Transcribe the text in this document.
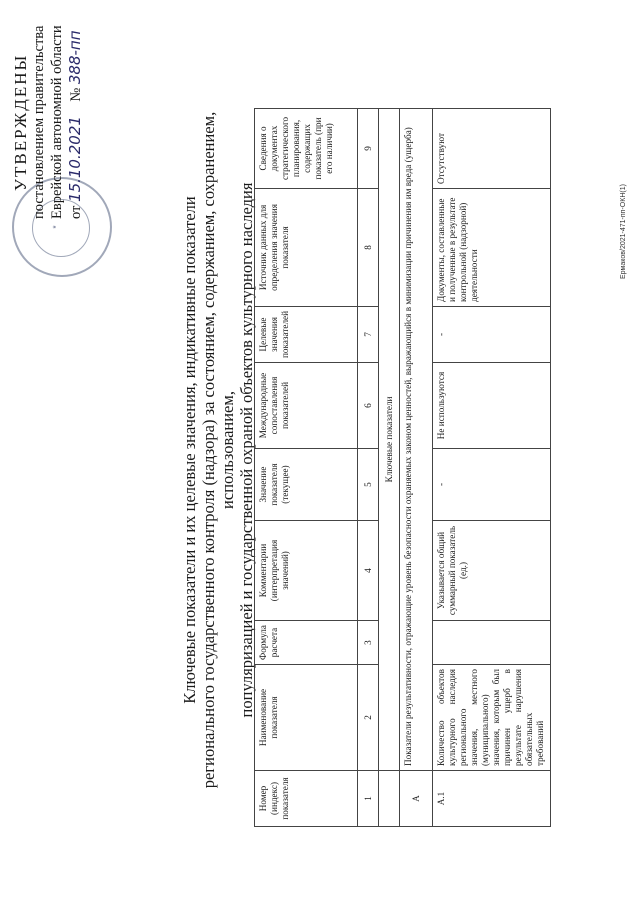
★
УТВЕРЖДЕНЫ постановлением правительства Еврейской автономной области от 15.10.2021    № 388-пп
Ключевые показатели и их целевые значения, индикативные показатели регионального государственного контроля (надзора) за состоянием, содержанием, сохранением, использованием, популяризацией и государственной охраной объектов культурного наследия
Номер (индекс) показателя	Наименование показателя	Формула расчета	Комментарии (интерпретация значений)	Значение показателя (текущее)	Международные сопоставления показателей	Целевые значения показателей	Источник данных для определения значения показателя	Сведения о документах стратегического планирования, содержащих показатель (при его наличии)
1	2	3	4	5	6	7	8	9
	Ключевые показатели							
А	Показатели результативности, отражающие уровень безопасности охраняемых законом ценностей, выражающийся в минимизации причинения им вреда (ущерба)							
А.1	Количество объектов культурного наследия регионального значения, местного (муниципального) значения, которым был причинен ущерб в результате нарушения обязательных требований		Указывается общий суммарный показатель (ед.)	-	Не используются	-	Документы, составленные и полученные в результате контрольной (надзорной) деятельности	Отсутствуют
Ермаков/2021-471-пп-ОКН(1)
